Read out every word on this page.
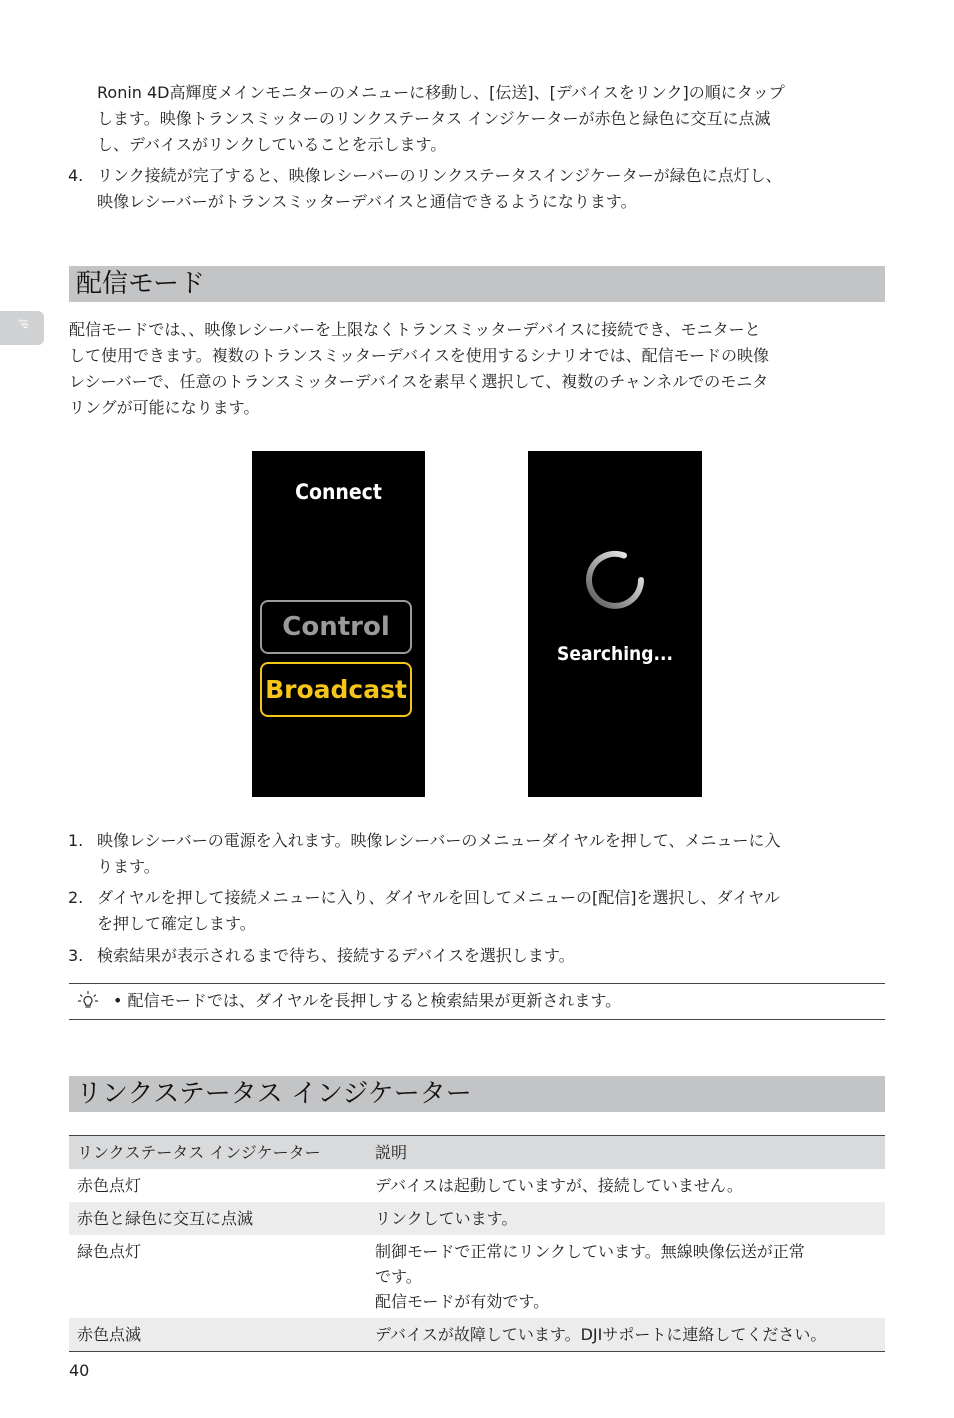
Ronin 4D高輝度メインモニターのメニューに移動し、[伝送]、[デバイスをリンク]の順にタップ
します。映像トランスミッターのリンクステータス インジケーターが赤色と緑色に交互に点滅
し、デバイスがリンクしていることを示します。
4. リンク接続が完了すると、映像レシーバーのリンクステータスインジケーターが緑色に点灯し、
映像レシーバーがトランスミッターデバイスと通信できるようになります。
JP
配信モード
配信モードでは、、映像レシーバーを上限なくトランスミッターデバイスに接続でき、モニターと
して使用できます。複数のトランスミッターデバイスを使用するシナリオでは、配信モードの映像
レシーバーで、任意のトランスミッターデバイスを素早く選択して、複数のチャンネルでのモニタ
リングが可能になります。
Connect
Control
Broadcast
Searching...
1. 映像レシーバーの電源を入れます。映像レシーバーのメニューダイヤルを押して、メニューに入
ります。
2. ダイヤルを押して接続メニューに入り、ダイヤルを回してメニューの[配信]を選択し、ダイヤル
を押して確定します。
3. 検索結果が表示されるまで待ち、接続するデバイスを選択します。
• 配信モードでは、ダイヤルを長押しすると検索結果が更新されます。
リンクステータス インジケーター
リンクステータス インジケーター	説明
赤色点灯	デバイスは起動していますが、接続していません。

赤色と緑色に交互に点滅	リンクしています。

緑色点灯	制御モードで正常にリンクしています。無線映像伝送が正常
です。
配信モードが有効です。

赤色点滅	デバイスが故障しています。DJIサポートに連絡してください。
40
